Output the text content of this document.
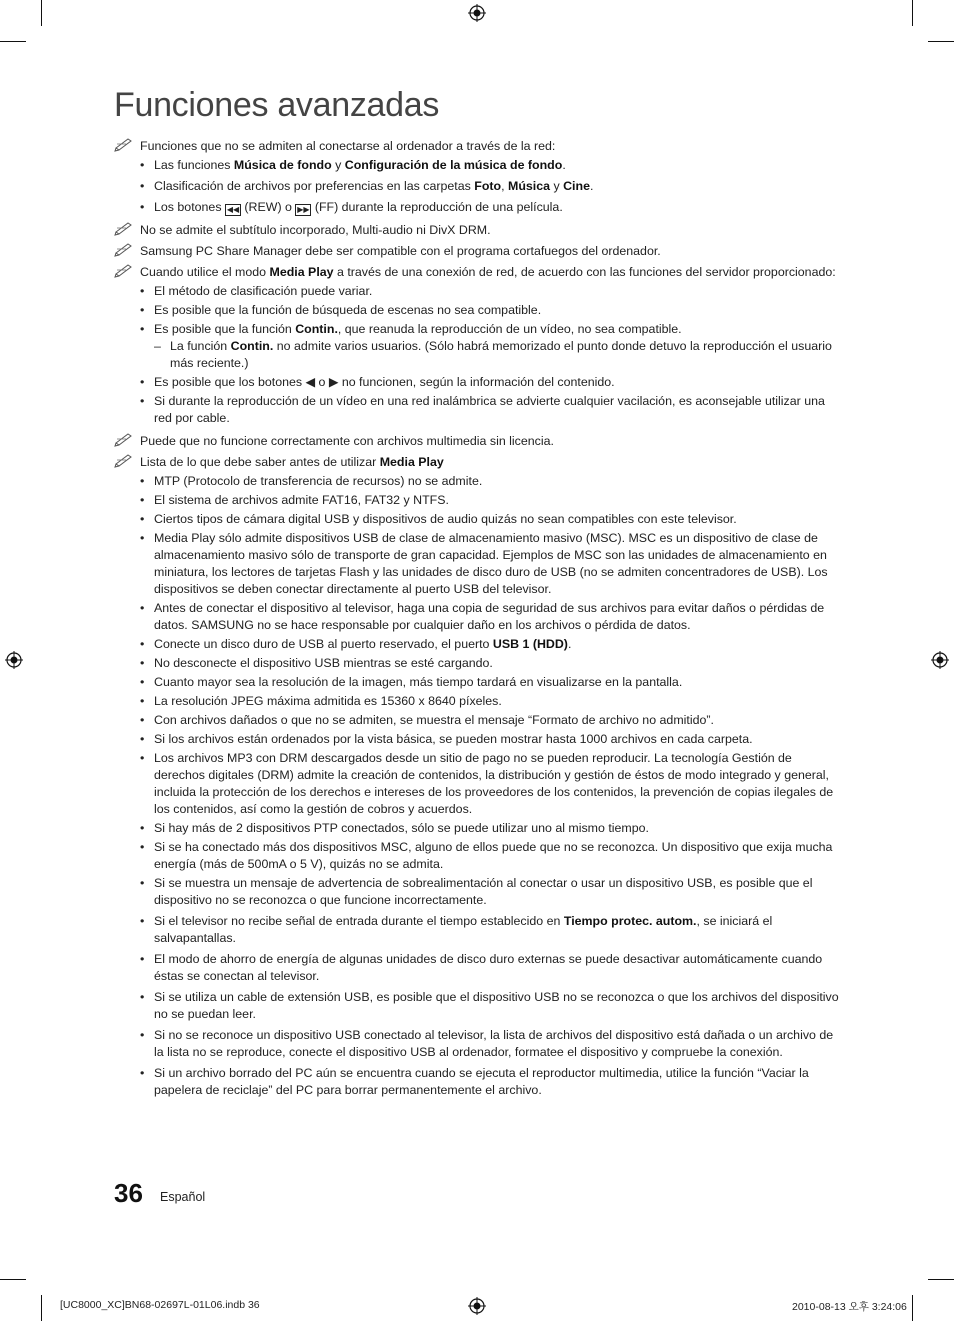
Funciones avanzadas

Funciones que no se admiten al conectarse al ordenador a través de la red:

• Las funciones Música de fondo y Configuración de la música de fondo.
• Clasificación de archivos por preferencias en las carpetas Foto, Música y Cine.
• Los botones ◀◀ (REW) o ▶▶ (FF) durante la reproducción de una película.

No se admite el subtítulo incorporado, Multi-audio ni DivX DRM.

Samsung PC Share Manager debe ser compatible con el programa cortafuegos del ordenador.

Cuando utilice el modo Media Play a través de una conexión de red, de acuerdo con las funciones del servidor proporcionado:

• El método de clasificación puede variar.
• Es posible que la función de búsqueda de escenas no sea compatible.
• Es posible que la función Contin., que reanuda la reproducción de un vídeo, no sea compatible.
– La función Contin. no admite varios usuarios. (Sólo habrá memorizado el punto donde detuvo la reproducción el usuario más reciente.)
• Es posible que los botones ◀ o ▶ no funcionen, según la información del contenido.
• Si durante la reproducción de un vídeo en una red inalámbrica se advierte cualquier vacilación, es aconsejable utilizar una red por cable.

Puede que no funcione correctamente con archivos multimedia sin licencia.

Lista de lo que debe saber antes de utilizar Media Play

• MTP (Protocolo de transferencia de recursos) no se admite.
• El sistema de archivos admite FAT16, FAT32 y NTFS.
• Ciertos tipos de cámara digital USB y dispositivos de audio quizás no sean compatibles con este televisor.
• Media Play sólo admite dispositivos USB de clase de almacenamiento masivo (MSC). MSC es un dispositivo de clase de almacenamiento masivo sólo de transporte de gran capacidad. Ejemplos de MSC son las unidades de almacenamiento en miniatura, los lectores de tarjetas Flash y las unidades de disco duro de USB (no se admiten concentradores de USB). Los dispositivos se deben conectar directamente al puerto USB del televisor.
• Antes de conectar el dispositivo al televisor, haga una copia de seguridad de sus archivos para evitar daños o pérdidas de datos. SAMSUNG no se hace responsable por cualquier daño en los archivos o pérdida de datos.
• Conecte un disco duro de USB al puerto reservado, el puerto USB 1 (HDD).
• No desconecte el dispositivo USB mientras se esté cargando.
• Cuanto mayor sea la resolución de la imagen, más tiempo tardará en visualizarse en la pantalla.
• La resolución JPEG máxima admitida es 15360 x 8640 píxeles.
• Con archivos dañados o que no se admiten, se muestra el mensaje “Formato de archivo no admitido”.
• Si los archivos están ordenados por la vista básica, se pueden mostrar hasta 1000 archivos en cada carpeta.
• Los archivos MP3 con DRM descargados desde un sitio de pago no se pueden reproducir. La tecnología Gestión de derechos digitales (DRM) admite la creación de contenidos, la distribución y gestión de éstos de modo integrado y general, incluida la protección de los derechos e intereses de los proveedores de los contenidos, la prevención de copias ilegales de los contenidos, así como la gestión de cobros y acuerdos.
• Si hay más de 2 dispositivos PTP conectados, sólo se puede utilizar uno al mismo tiempo.
• Si se ha conectado más dos dispositivos MSC, alguno de ellos puede que no se reconozca. Un dispositivo que exija mucha energía (más de 500mA o 5 V), quizás no se admita.
• Si se muestra un mensaje de advertencia de sobrealimentación al conectar o usar un dispositivo USB, es posible que el dispositivo no se reconozca o que funcione incorrectamente.
• Si el televisor no recibe señal de entrada durante el tiempo establecido en Tiempo protec. autom., se iniciará el salvapantallas.
• El modo de ahorro de energía de algunas unidades de disco duro externas se puede desactivar automáticamente cuando éstas se conectan al televisor.
• Si se utiliza un cable de extensión USB, es posible que el dispositivo USB no se reconozca o que los archivos del dispositivo no se puedan leer.
• Si no se reconoce un dispositivo USB conectado al televisor, la lista de archivos del dispositivo está dañada o un archivo de la lista no se reproduce, conecte el dispositivo USB al ordenador, formatee el dispositivo y compruebe la conexión.
• Si un archivo borrado del PC aún se encuentra cuando se ejecuta el reproductor multimedia, utilice la función “Vaciar la papelera de reciclaje” del PC para borrar permanentemente el archivo.
36 Español
[UC8000_XC]BN68-02697L-01L06.indb 36	2010-08-13 오후 3:24:06
